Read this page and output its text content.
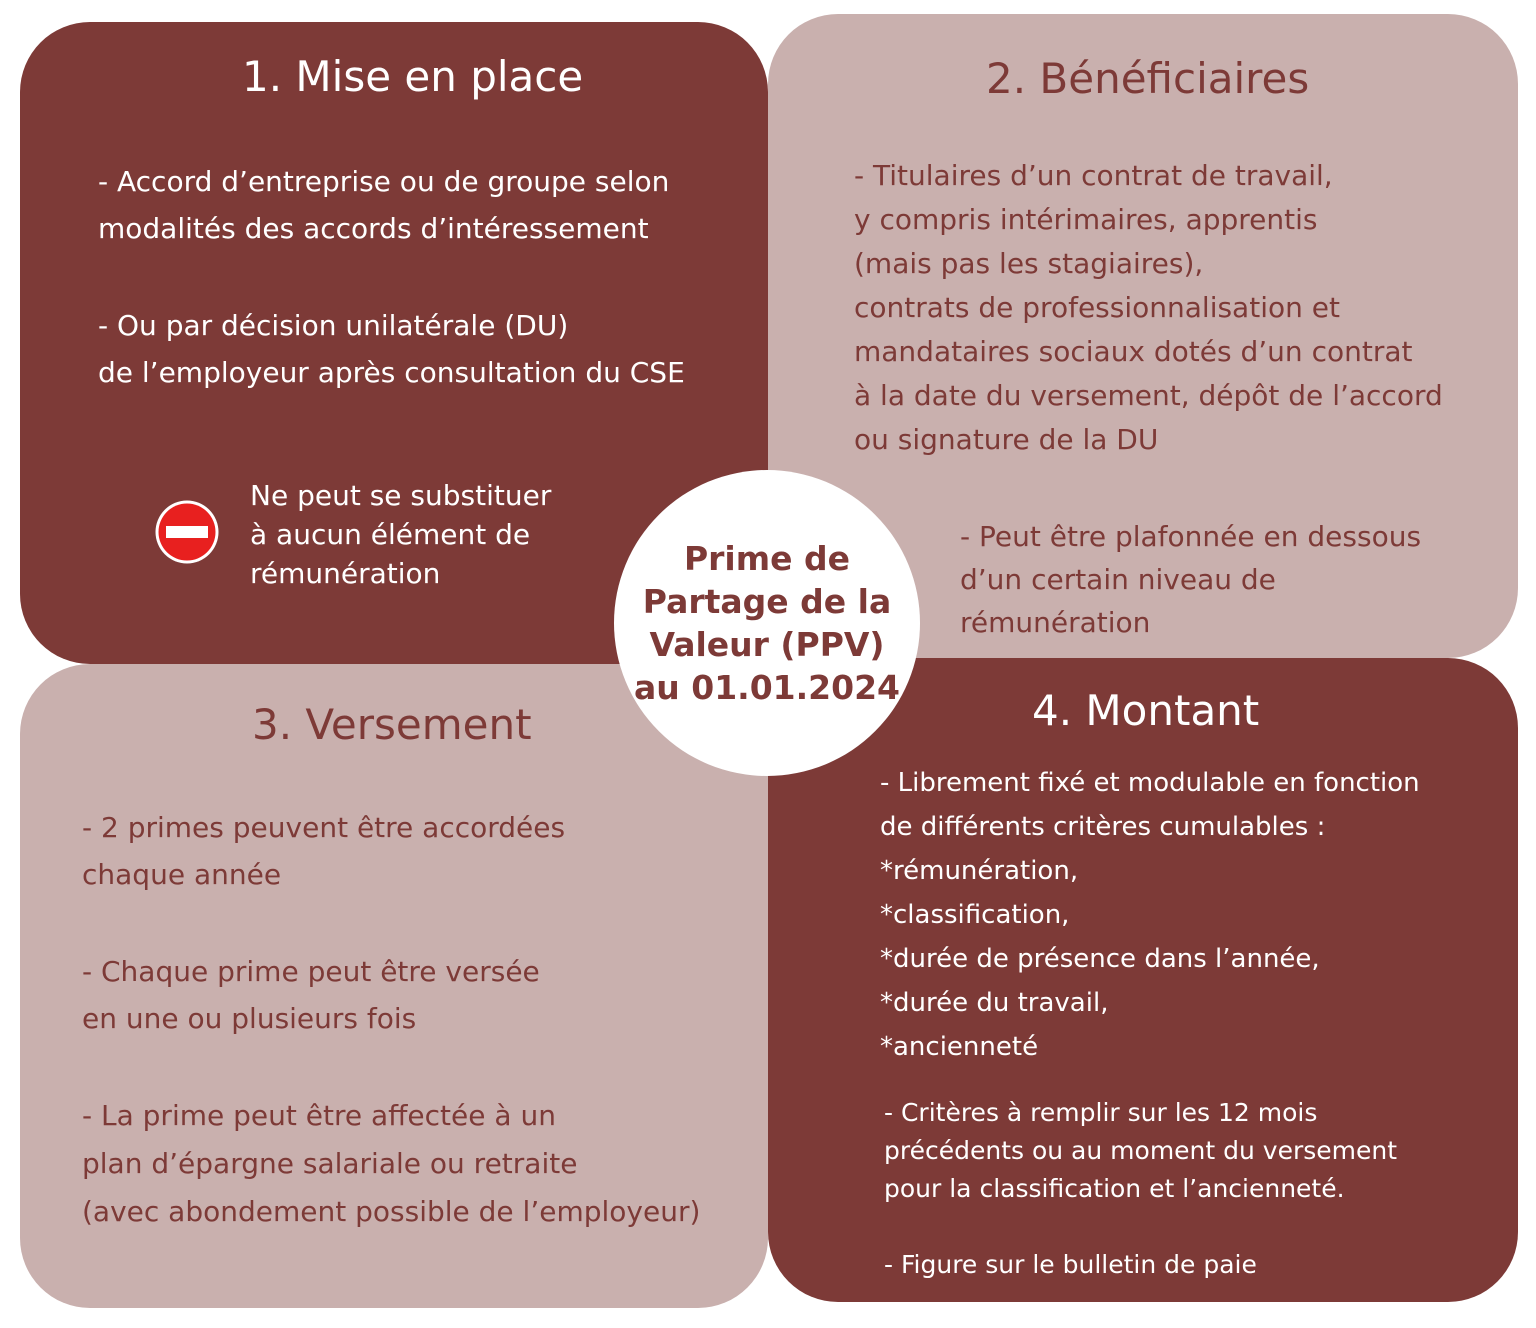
1. Mise en place

- Accord d’entreprise ou de groupe selon
modalités des accords d’intéressement

- Ou par décision unilatérale (DU)
de l’employeur après consultation du CSE

Ne peut se substituer
à aucun élément de
rémunération

2. Bénéficiaires

- Titulaires d’un contrat de travail,
y compris intérimaires, apprentis
(mais pas les stagiaires),
contrats de professionnalisation et
mandataires sociaux dotés d’un contrat
à la date du versement, dépôt de l’accord
ou signature de la DU

- Peut être plafonnée en dessous
d’un certain niveau de
rémunération

3. Versement

- 2 primes peuvent être accordées
chaque année

- Chaque prime peut être versée
en une ou plusieurs fois

- La prime peut être affectée à un
plan d’épargne salariale ou retraite
(avec abondement possible de l’employeur)

4. Montant

- Librement fixé et modulable en fonction
de différents critères cumulables :
*rémunération,
*classification,
*durée de présence dans l’année,
*durée du travail,
*ancienneté

- Critères à remplir sur les 12 mois
précédents ou au moment du versement
pour la classification et l’ancienneté.

- Figure sur le bulletin de paie

Prime de
Partage de la
Valeur (PPV)
au 01.01.2024
